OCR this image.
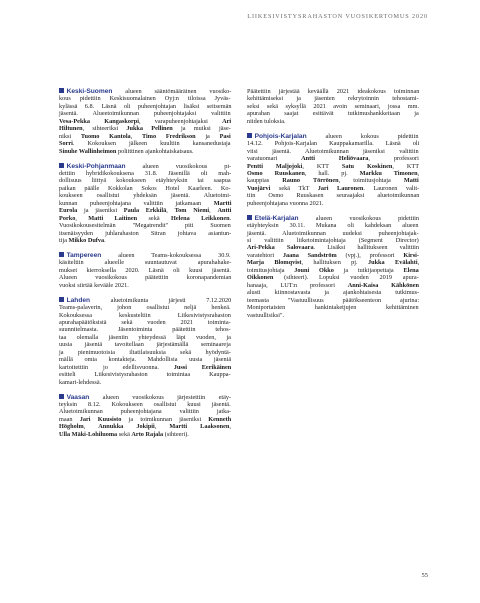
LIIKESIVISTYSRAHASTON VUOSIKERTOMUS 2020
Keski-Suomen alueen sääntömääräinen vuosiko-
kous pidettiin Keskisuomalainen Oyj:n tiloissa Jyväs-
kylässä 6.8. Läsnä oli puheenjohtajan lisäksi seitsemän
jäsentä. Alueetoimikunnan puheenjohtajaksi valittiin
Vesa-Pekka Kangaskorpi, varapuheenjohtajaksi Ari
Hiltunen, sihteeriksi Jukka Pellinen ja muiksi jäse-
niksi Tuomo Kantola, Timo Fredrikson ja Pasi
Sorri. Kokouksen jälkeen kuultiin kansanedustaja
Sinuhe Wallinheimon poliittinen ajankohtaiskatsaus.
Keski-Pohjanmaan alueen vuosikokous pi-
dettiin hybridikokouksena 31.8. Jäsenillä oli mah-
dollisuus liittyä kokoukseen etäyhteyksin tai saapua
paikan päälle Kokkolan Sokos Hotel Kaarleen. Ko-
koukseen osallistui yhdeksän jäsentä. Aluetoimi-
kunnan puheenjohtajana valittiin jatkamaan Martti
Eurola ja jäseniksi Paula Erkkilä, Tom Niemi, Antti
Porko, Matti Laitinen sekä Helena Leikkonen.
Vuosikokousesitelmän "Megatrendit" piti Suomen
itsenäisyyden juhlarahaston Sitran johtava asiantun-
tija Mikko Dufva.
Tampereen alueen Teams-kokouksessa 30.9.
käsiteltiin alueelle suuntautuvat apurahahake-
mukset kierroksella 2020. Läsnä oli kuusi jäsentä.
Alueen vuosikokous päätettiin koronapandemian
vuoksi siirtää kevääle 2021.
Lahden aluetoimikunta järjesti 7.12.2020
Teams-palaverin, johon osallistui neljä henkeä.
Kokouksessa keskusteltiin Liikesivistysrahaston
apurahapäätöksistä sekä vuoden 2021 toiminta-
suunnitelmasta. Jäsentoiminta päätettiin tehos-
taa olemalla jäseniin yhteydessä läpi vuoden, ja
uusia jäseniä tavoitellaan järjestämällä seminaareja
ja pienimuotoisia iltatilaisuuksia sekä hyödyntä-
mällä omia kontakteja. Mahdollisia uusia jäseniä
kartoitettiin jo edellisvuonna. Jussi Eerikäinen
esitteli Liikesivistysrahaston toimintaa Kauppa-
kamari-lehdessä.
Vaasan alueen vuosikokous järjestettiin etäy-
teyksin 8.12. Kokoukseen osallistui kuusi jäsentä.
Aluetoimikunnan puheenjohtajana valittiin jatka-
maan Jari Kuusisto ja toimikunnan jäseniksi Kenneth
Högholm, Annukka Jokipii, Martti Laaksonen,
Ulla Mäki-Lohiluoma sekä Arto Rajala (sihteeri).
Päätettiin järjestää keväällä 2021 ideakokous toiminnan
kehittämiseksi ja jäsenten rekrytoinnin tehostami-
seksi sekä syksyllä 2021 avoin seminaari, jossa mm.
apurahan saajat esittävät tutkimushankkeitaan ja
niiden tuloksia.
Pohjois-Karjalan alueen kokous pidettiin
14.12. Pohjois-Karjalan Kauppakamarilla. Läsnä oli
viisi jäsentä. Aluetoimikunnan jäseniksi valittiin
varatuomari Antti Heliövaara, professori
Pentti Maljojoki, KTT Satu Koskinen, KTT
Osmo Ruuskanen, hall. pj. Markku Timonen,
kauppias Rauno Törrönen, toimitusjohtaja Matti
Vuojärvi sekä TkT Jari Lauronen. Lauronen valit-
tiin Osmo Ruuskasen seuraajaksi aluetoimikunnan
puheenjohtajana vuonna 2021.
Etelä-Karjalan alueen vuosikokous pidettiin
etäyhteyksin 30.11. Mukana oli kahdeksan alueen
jäsentä. Aluetoimikunnan uudeksi puheenjohtajak-
si valittiin liiketoimintajohtaja (Segment Director)
Ari-Pekka Salovaara. Lisäksi hallitukseen valittiin
varatehtori Jaana Sandström (vpj.), professori Kirsi-
Marja Blomqvist, hallituksen pj. Jukka Evälahti,
toimitusjohtaja Jouni Okko ja tutkijaopettaja Elena
Oikkonen (sihteeri). Lopuksi vuoden 2019 apura-
hanaaja, LUT:n professori Anni-Kaisa Kähkönen
alusti kiinnostavasta ja ajankohtaisesta tutkimus-
teemasta "Vastuullisuus päätökseenteon ajurina:
Moniportaisten hankintaketjujen kehittäminen
vastuullisiksi".
55
